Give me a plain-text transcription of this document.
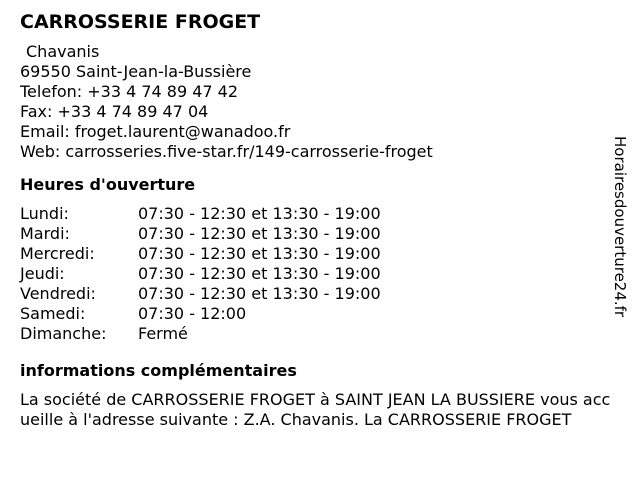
CARROSSERIE FROGET
Chavanis
69550 Saint-Jean-la-Bussière
Telefon: +33 4 74 89 47 42
Fax: +33 4 74 89 47 04
Email: froget.laurent@wanadoo.fr
Web: carrosseries.five-star.fr/149-carrosserie-froget
Heures d'ouverture
Lundi:	07:30 - 12:30 et 13:30 - 19:00
Mardi:	07:30 - 12:30 et 13:30 - 19:00
Mercredi:	07:30 - 12:30 et 13:30 - 19:00
Jeudi:	07:30 - 12:30 et 13:30 - 19:00
Vendredi:	07:30 - 12:30 et 13:30 - 19:00
Samedi:	07:30 - 12:00
Dimanche:	Fermé
informations complémentaires
La société de CARROSSERIE FROGET à SAINT JEAN LA BUSSIERE vous accueille à l'adresse suivante : Z.A. Chavanis. La CARROSSERIE FROGET
Horairesdouverture24.fr
